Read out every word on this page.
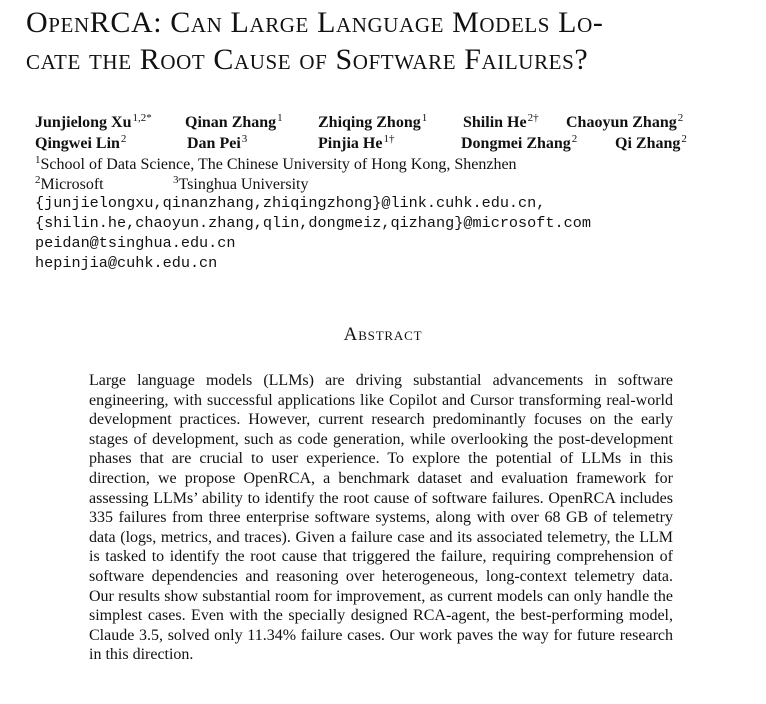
OpenRCA: Can Large Language Models Lo-
cate the Root Cause of Software Failures?
Junjielong $Xu^{1,2*}$ Qinan Zhang$^1$ Zhiqing Zhong$^1$ Shilin $He^{2\dagger}$ Chaoyun Zhang$^2$
Qingwei Lin$^2$	Dan Pei$^3$	Pinjia $He^{1\dagger}$	Dongmei Zhang$^2$ Qi Zhang$^2$
$^1$School of Data Science, The Chinese University of Hong Kong, Shenzhen
$^2$Microsoft	$^3$Tsinghua University
{junjielongxu,qinanzhang,zhiqingzhong}@link.cuhk.edu.cn,
{shilin.he,chaoyun.zhang,qlin,dongmeiz,qizhang}@microsoft.com
peidan@tsinghua.edu.cn
hepinjia@cuhk.edu.cn
Abstract

Large language models (LLMs) are driving substantial advancements in software engineering, with successful applications like Copilot and Cursor transforming real-world development practices. However, current research predominantly focuses on the early stages of development, such as code generation, while overlooking the post-development phases that are crucial to user experience. To explore the potential of LLMs in this direction, we propose OpenRCA, a benchmark dataset and evaluation framework for assessing LLMs’ ability to identify the root cause of software failures. OpenRCA includes 335 failures from three enterprise software systems, along with over 68 GB of telemetry data (logs, metrics, and traces). Given a failure case and its associated telemetry, the LLM is tasked to identify the root cause that triggered the failure, requiring comprehension of software dependencies and reasoning over heterogeneous, long-context telemetry data. Our results show substantial room for improvement, as current models can only handle the simplest cases. Even with the specially designed RCA-agent, the best-performing model, Claude 3.5, solved only 11.34% failure cases. Our work paves the way for future research in this direction.
